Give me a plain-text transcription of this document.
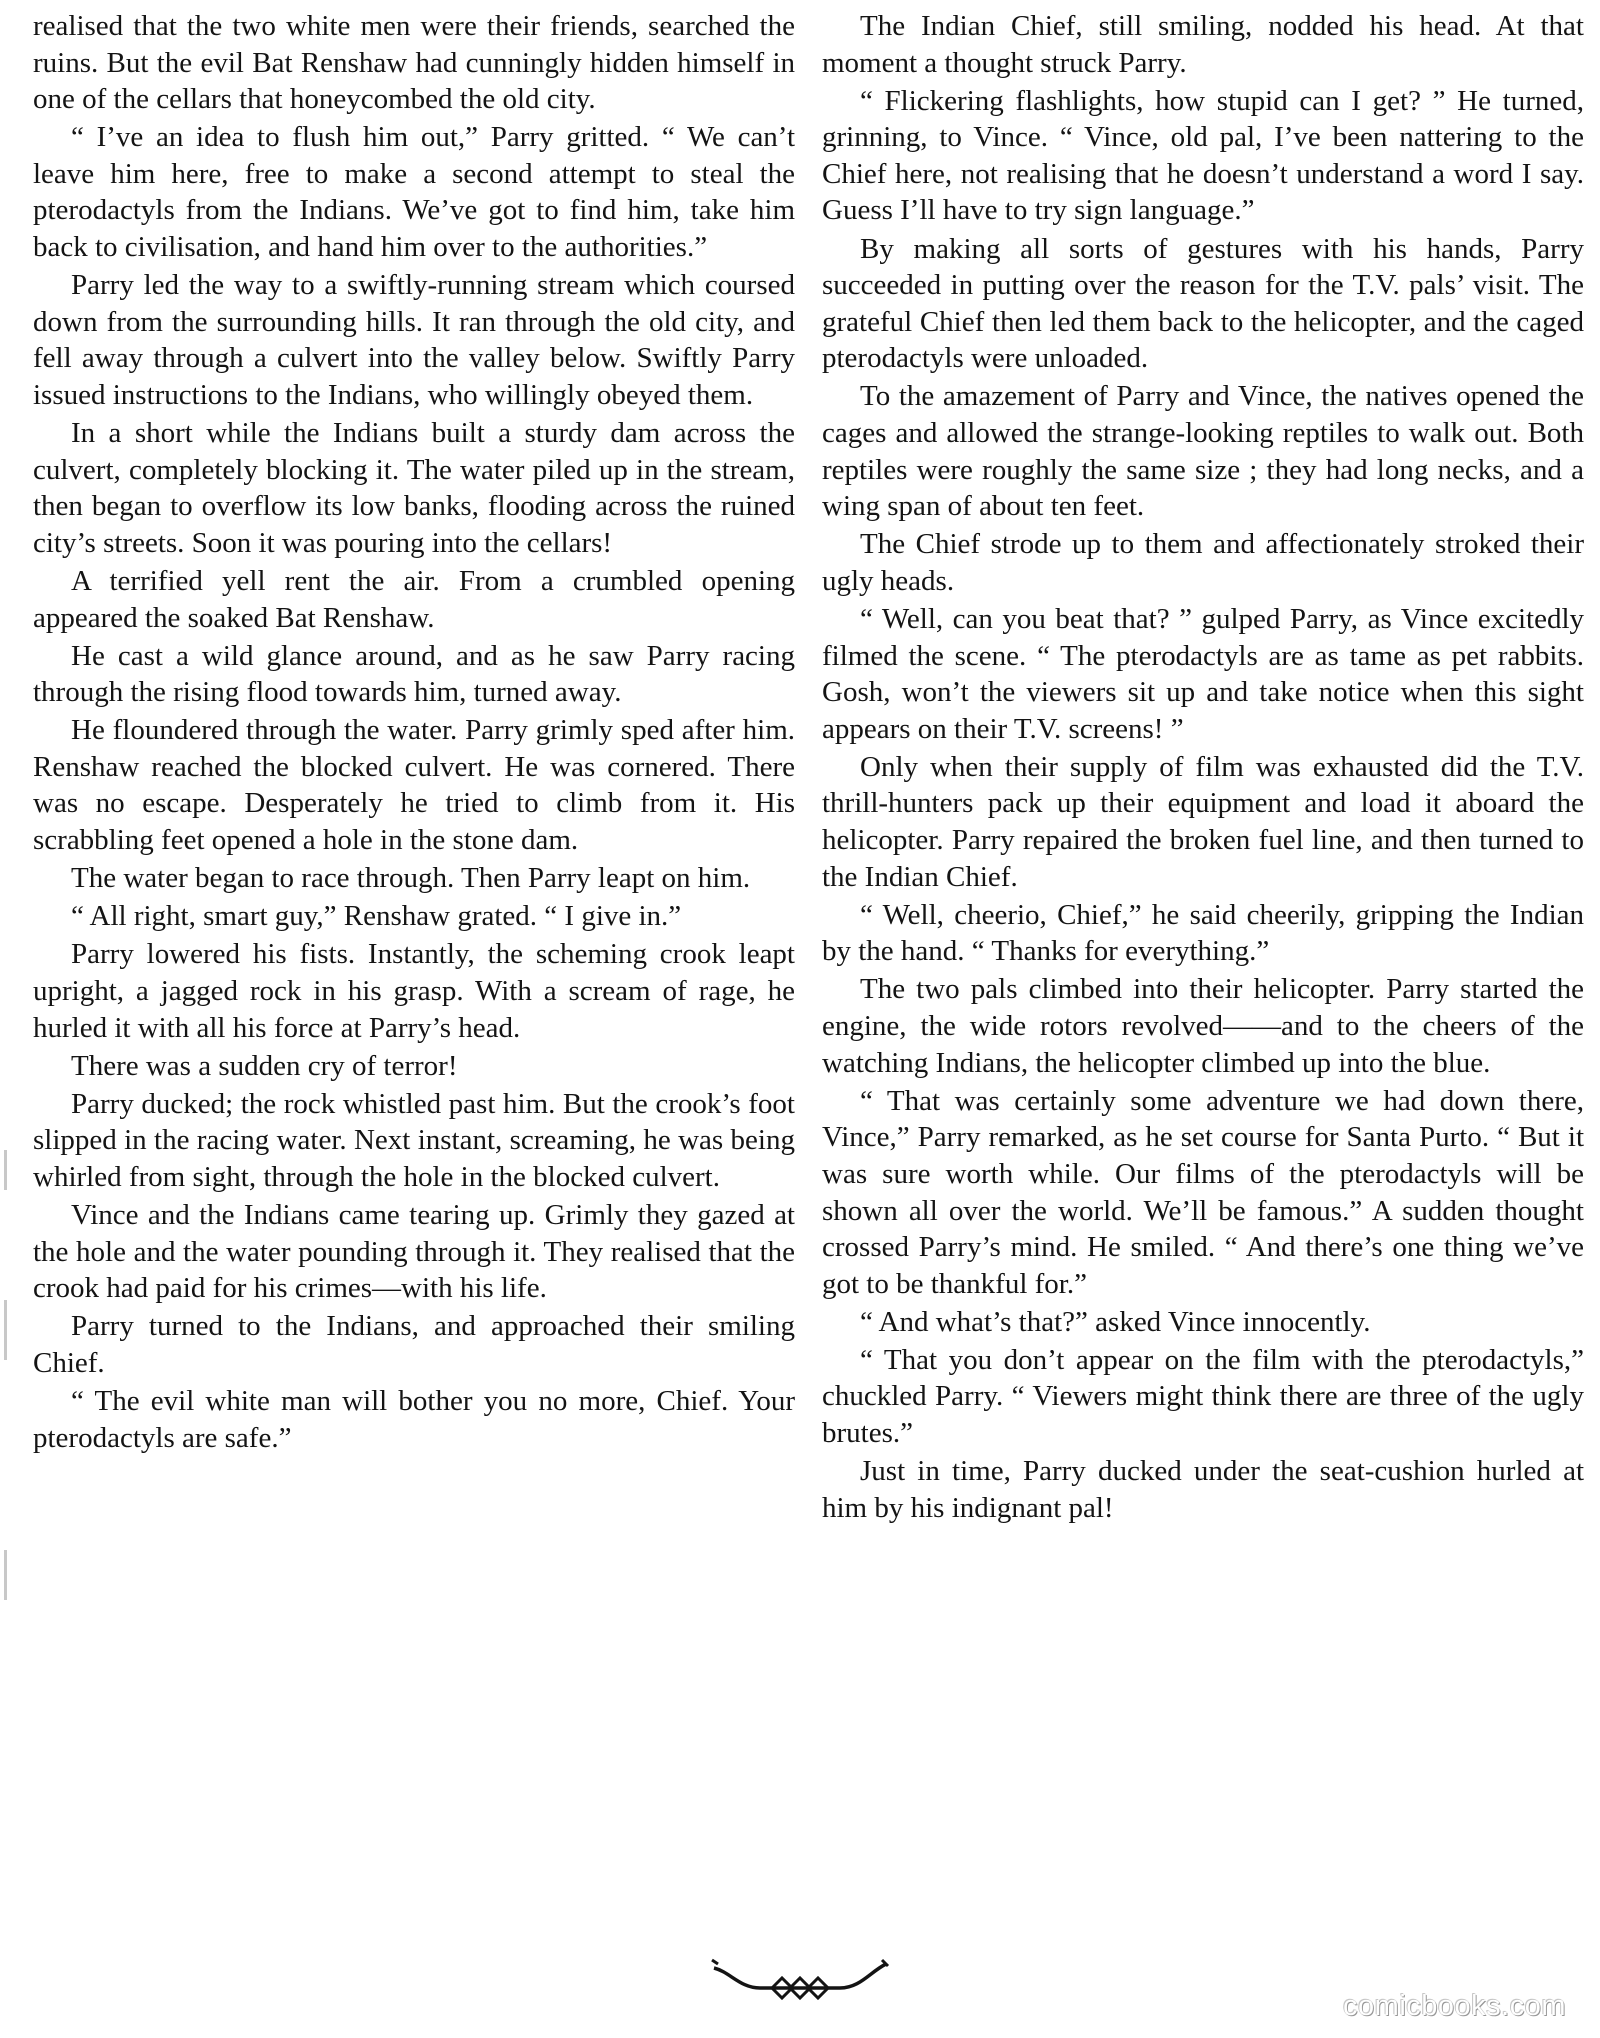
realised that the two white men were their friends, searched the ruins. But the evil Bat Renshaw had cunningly hidden himself in one of the cellars that honeycombed the old city.

“ I’ve an idea to flush him out,” Parry gritted. “ We can’t leave him here, free to make a second attempt to steal the pterodactyls from the Indians. We’ve got to find him, take him back to civilisation, and hand him over to the authorities.”

Parry led the way to a swiftly-running stream which coursed down from the surrounding hills. It ran through the old city, and fell away through a culvert into the valley below. Swiftly Parry issued instructions to the Indians, who willingly obeyed them.

In a short while the Indians built a sturdy dam across the culvert, completely blocking it. The water piled up in the stream, then began to overflow its low banks, flooding across the ruined city’s streets. Soon it was pouring into the cellars!

A terrified yell rent the air. From a crumbled opening appeared the soaked Bat Renshaw.

He cast a wild glance around, and as he saw Parry racing through the rising flood towards him, turned away.

He floundered through the water. Parry grimly sped after him. Renshaw reached the blocked culvert. He was cornered. There was no escape. Desperately he tried to climb from it. His scrabbling feet opened a hole in the stone dam.

The water began to race through. Then Parry leapt on him.

“ All right, smart guy,” Renshaw grated. “ I give in.”

Parry lowered his fists. Instantly, the scheming crook leapt upright, a jagged rock in his grasp. With a scream of rage, he hurled it with all his force at Parry’s head.

There was a sudden cry of terror!

Parry ducked; the rock whistled past him. But the crook’s foot slipped in the racing water. Next instant, screaming, he was being whirled from sight, through the hole in the blocked culvert.

Vince and the Indians came tearing up. Grimly they gazed at the hole and the water pounding through it. They realised that the crook had paid for his crimes—with his life.

Parry turned to the Indians, and approached their smiling Chief.

“ The evil white man will bother you no more, Chief. Your pterodactyls are safe.”

The Indian Chief, still smiling, nodded his head. At that moment a thought struck Parry.

“ Flickering flashlights, how stupid can I get? ” He turned, grinning, to Vince. “ Vince, old pal, I’ve been nattering to the Chief here, not realising that he doesn’t understand a word I say. Guess I’ll have to try sign language.”

By making all sorts of gestures with his hands, Parry succeeded in putting over the reason for the T.V. pals’ visit. The grateful Chief then led them back to the helicopter, and the caged pterodactyls were unloaded.

To the amazement of Parry and Vince, the natives opened the cages and allowed the strange-looking reptiles to walk out. Both reptiles were roughly the same size ; they had long necks, and a wing span of about ten feet.

The Chief strode up to them and affectionately stroked their ugly heads.

“ Well, can you beat that? ” gulped Parry, as Vince excitedly filmed the scene. “ The pterodactyls are as tame as pet rabbits. Gosh, won’t the viewers sit up and take notice when this sight appears on their T.V. screens! ”

Only when their supply of film was exhausted did the T.V. thrill-hunters pack up their equipment and load it aboard the helicopter. Parry repaired the broken fuel line, and then turned to the Indian Chief.

“ Well, cheerio, Chief,” he said cheerily, gripping the Indian by the hand. “ Thanks for everything.”

The two pals climbed into their helicopter. Parry started the engine, the wide rotors revolved——and to the cheers of the watching Indians, the helicopter climbed up into the blue.

“ That was certainly some adventure we had down there, Vince,” Parry remarked, as he set course for Santa Purto. “ But it was sure worth while. Our films of the pterodactyls will be shown all over the world. We’ll be famous.” A sudden thought crossed Parry’s mind. He smiled. “ And there’s one thing we’ve got to be thankful for.”

“ And what’s that?” asked Vince innocently.

“ That you don’t appear on the film with the pterodactyls,” chuckled Parry. “ Viewers might think there are three of the ugly brutes.”

Just in time, Parry ducked under the seat-cushion hurled at him by his indignant pal!

comicbooks.com
